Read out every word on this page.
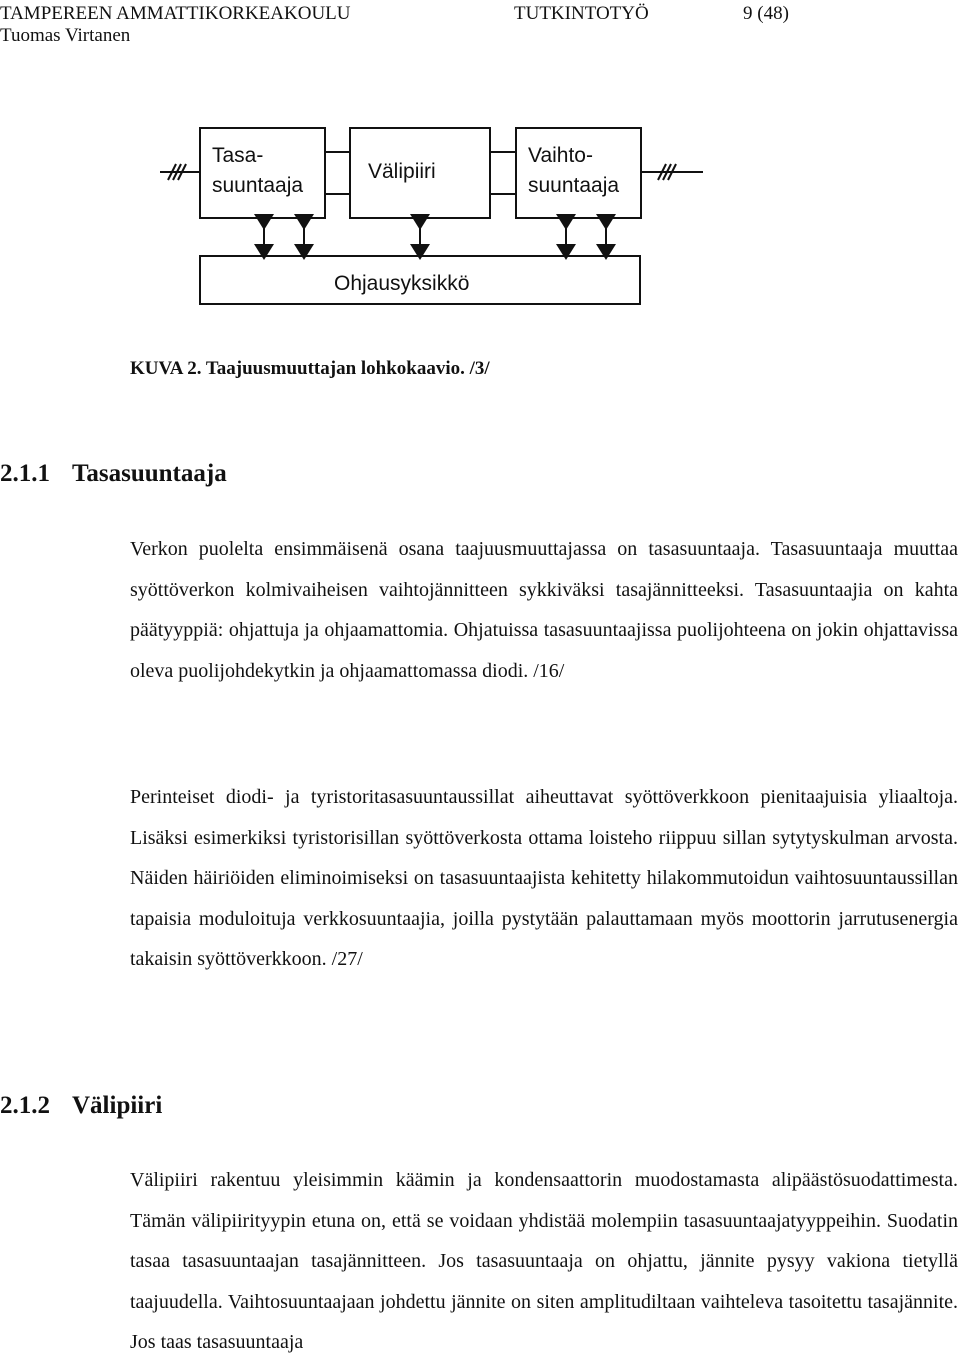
TAMPEREEN AMMATTIKORKEAKOULU
Tuomas Virtanen
TUTKINTOTYÖ	9 (48)
Tasa-
suuntaaja
Välipiiri
Vaihto-
suuntaaja
Ohjausyksikkö
KUVA 2. Taajuusmuuttajan lohkokaavio. /3/
2.1.1 Tasasuuntaaja

Verkon puolelta ensimmäisenä osana taajuusmuuttajassa on tasasuuntaaja. Tasasuuntaaja muuttaa syöttöverkon kolmivaiheisen vaihtojännitteen sykkiväksi tasajännitteeksi. Tasasuuntaajia on kahta päätyyppiä: ohjattuja ja ohjaamattomia. Ohjatuissa tasasuuntaajissa puolijohteena on jokin ohjattavissa oleva puolijohdekytkin ja ohjaamattomassa diodi. /16/

Perinteiset diodi- ja tyristoritasasuuntaussillat aiheuttavat syöttöverkkoon pienitaajuisia yliaaltoja. Lisäksi esimerkiksi tyristorisillan syöttöverkosta ottama loisteho riippuu sillan sytytyskulman arvosta. Näiden häiriöiden eliminoimiseksi on tasasuuntaajista kehitetty hilakommutoidun vaihtosuuntaussillan tapaisia moduloituja verkkosuuntaajia, joilla pystytään palauttamaan myös moottorin jarrutusenergia takaisin syöttöverkkoon. /27/

2.1.2 Välipiiri

Välipiiri rakentuu yleisimmin käämin ja kondensaattorin muodostamasta alipäästösuodattimesta. Tämän välipiirityypin etuna on, että se voidaan yhdistää molempiin tasasuuntaajatyyppeihin. Suodatin tasaa tasasuuntaajan tasajännitteen. Jos tasasuuntaaja on ohjattu, jännite pysyy vakiona tietyllä taajuudella. Vaihtosuuntaajaan johdettu jännite on siten amplitudiltaan vaihteleva tasoitettu tasajännite. Jos taas tasasuuntaaja
